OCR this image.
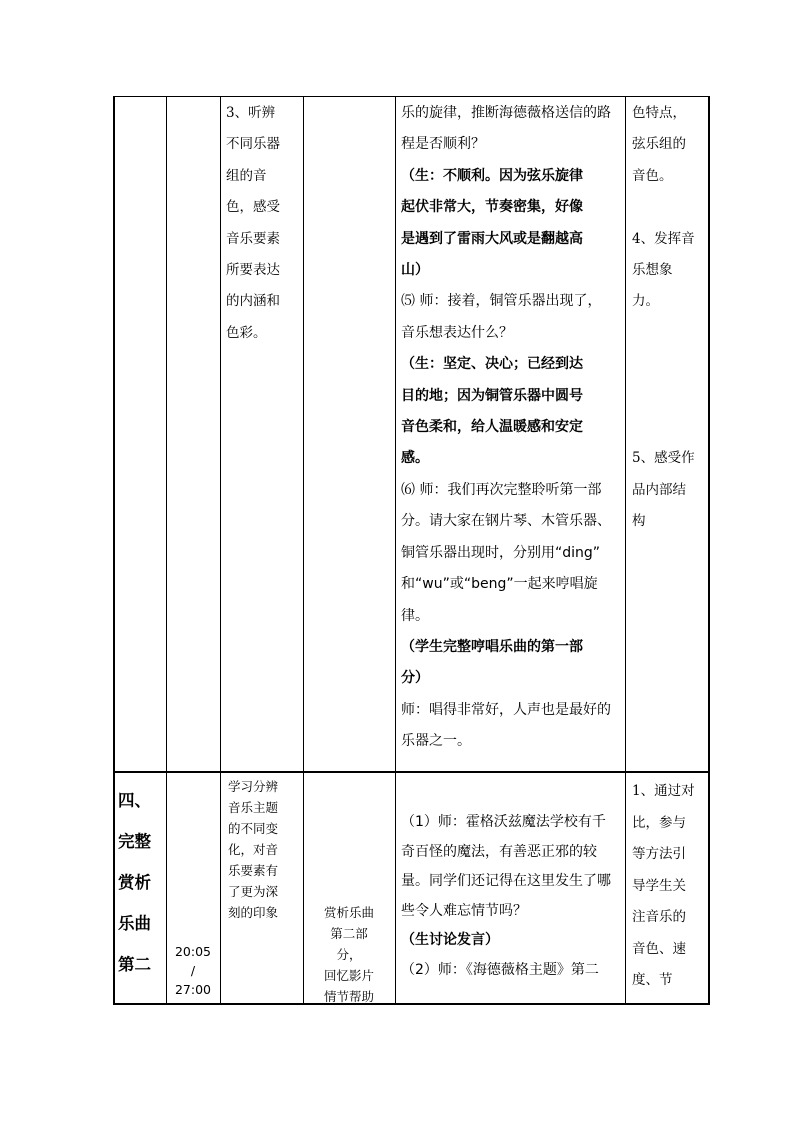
3、听辨
不同乐器
组的音
色，感受
音乐要素
所要表达
的内涵和
色彩。
乐的旋律，推断海德薇格送信的路
程是否顺利？
（生：不顺利。因为弦乐旋律
起伏非常大，节奏密集，好像
是遇到了雷雨大风或是翻越高
山）
⑸ 师：接着，铜管乐器出现了，
音乐想表达什么？
（生：坚定、决心；已经到达
目的地；因为铜管乐器中圆号
音色柔和，给人温暖感和安定
感。
⑹ 师：我们再次完整聆听第一部
分。请大家在钢片琴、木管乐器、
铜管乐器出现时，分别用“ding”
和“wu”或“beng”一起来哼唱旋
律。
（学生完整哼唱乐曲的第一部
分）
师：唱得非常好，人声也是最好的
乐器之一。
色特点，
弦乐组的
音色。
4、发挥音
乐想象
力。
5、感受作
品内部结
构
四、
完整
赏析
乐曲
第二
20:05
/
27:00
学习分辨
音乐主题
的不同变
化，对音
乐要素有
了更为深
刻的印象	赏析乐曲
第二部
分，
回忆影片
情节帮助
（1）师：霍格沃兹魔法学校有千
奇百怪的魔法，有善恶正邪的较
量。同学们还记得在这里发生了哪
些令人难忘情节吗？
（生讨论发言）
（2）师：《海德薇格主题》第二
1、通过对
比，参与
等方法引
导学生关
注音乐的
音色、速
度、节
